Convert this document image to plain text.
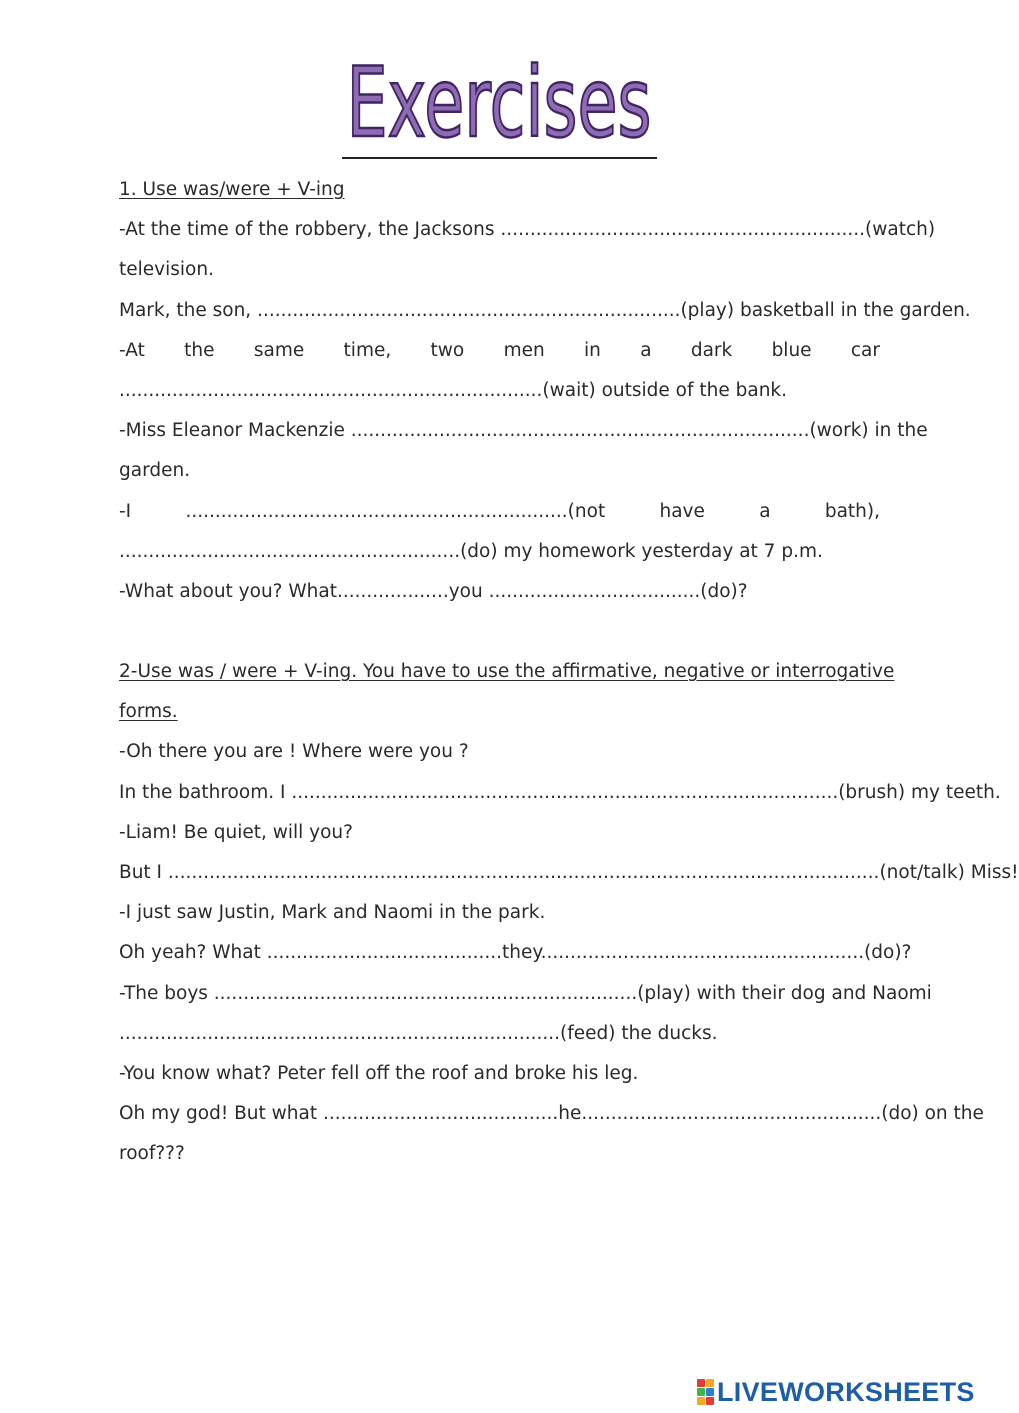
Exercises
1. Use was/were + V-ing
-At the time of the robbery, the Jacksons ..............................................................(watch)
television.
Mark, the son, ........................................................................(play) basketball in the garden.
-At the same time, two men in a dark blue car
........................................................................(wait) outside of the bank.
-Miss Eleanor Mackenzie ..............................................................................(work) in the
garden.
-I .................................................................(not have a bath),
..........................................................(do) my homework yesterday at 7 p.m.
-What about you? What...................you ....................................(do)?
2-Use was / were + V-ing. You have to use the affirmative, negative or interrogative
forms.
-Oh there you are ! Where were you ?
In the bathroom. I .............................................................................................(brush) my teeth.
-Liam! Be quiet, will you?
But I .........................................................................................................................(not/talk) Miss!
-I just saw Justin, Mark and Naomi in the park.
Oh yeah? What ........................................they.......................................................(do)?
-The boys ........................................................................(play) with their dog and Naomi
...........................................................................(feed) the ducks.
-You know what? Peter fell off the roof and broke his leg.
Oh my god! But what ........................................he...................................................(do) on the
roof???
LIVEWORKSHEETS
